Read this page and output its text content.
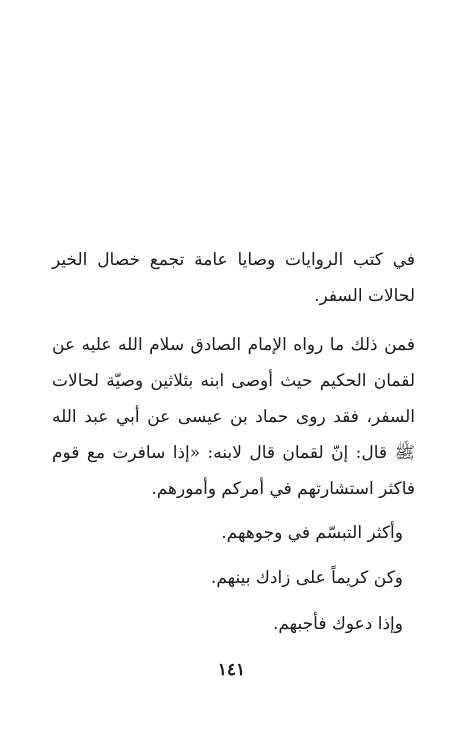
في كتب الروايات وصايا عامة تجمع خصال الخير لحالات السفر.

فمن ذلك ما رواه الإمام الصادق سلام الله عليه عن لقمان الحكيم حيث أوصى ابنه بثلاثين وصيّة لحالات السفر، فقد روى حماد بن عيسى عن أبي عبد الله ﷺ قال: إنّ لقمان قال لابنه: «إذا سافرت مع قوم فاكثر استشارتهم في أمركم وأمورهم.

وأكثر التبسّم في وجوههم.

وكن كريماً على زادك بينهم.

وإذا دعوك فأجبهم.

١٤١
